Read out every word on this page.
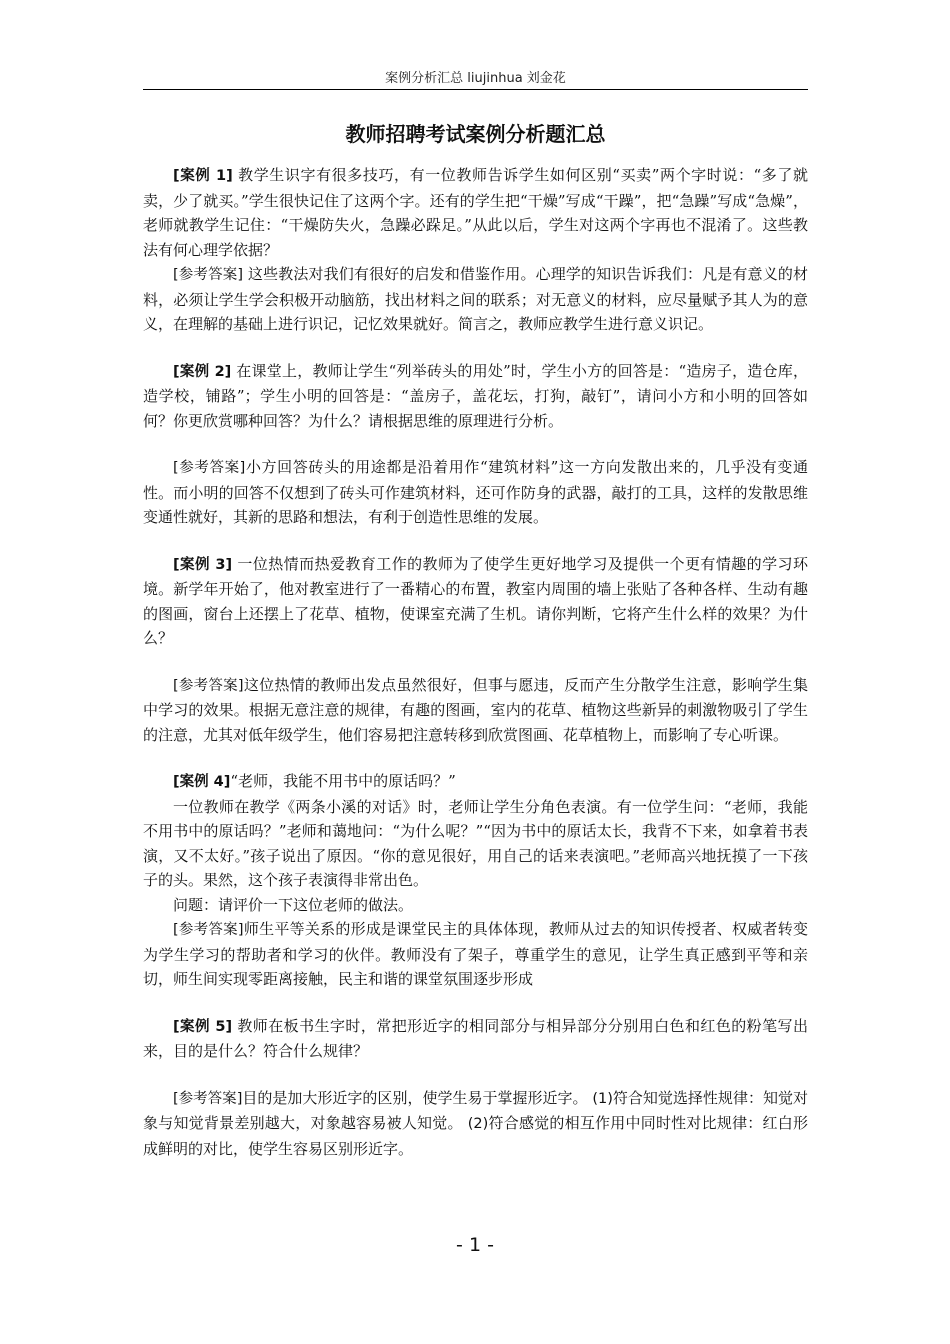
案例分析汇总 liujinhua 刘金花
教师招聘考试案例分析题汇总

[案例 1] 教学生识字有很多技巧，有一位教师告诉学生如何区别“买卖”两个字时说：“多了就卖，少了就买。”学生很快记住了这两个字。还有的学生把“干燥”写成“干躁”，把“急躁”写成“急燥”，老师就教学生记住：“干燥防失火，急躁必跺足。”从此以后，学生对这两个字再也不混淆了。这些教法有何心理学依据？

[参考答案] 这些教法对我们有很好的启发和借鉴作用。心理学的知识告诉我们：凡是有意义的材料，必须让学生学会积极开动脑筋，找出材料之间的联系；对无意义的材料，应尽量赋予其人为的意义，在理解的基础上进行识记，记忆效果就好。简言之，教师应教学生进行意义识记。

[案例 2] 在课堂上，教师让学生“列举砖头的用处”时，学生小方的回答是：“造房子，造仓库，造学校，铺路”；学生小明的回答是：“盖房子，盖花坛，打狗，敲钉”，请问小方和小明的回答如何？你更欣赏哪种回答？为什么？请根据思维的原理进行分析。

[参考答案]小方回答砖头的用途都是沿着用作“建筑材料”这一方向发散出来的，几乎没有变通性。而小明的回答不仅想到了砖头可作建筑材料，还可作防身的武器，敲打的工具，这样的发散思维变通性就好，其新的思路和想法，有利于创造性思维的发展。

[案例 3] 一位热情而热爱教育工作的教师为了使学生更好地学习及提供一个更有情趣的学习环境。新学年开始了，他对教室进行了一番精心的布置，教室内周围的墙上张贴了各种各样、生动有趣的图画，窗台上还摆上了花草、植物，使课室充满了生机。请你判断，它将产生什么样的效果？为什么？

[参考答案]这位热情的教师出发点虽然很好，但事与愿违，反而产生分散学生注意，影响学生集中学习的效果。根据无意注意的规律，有趣的图画，室内的花草、植物这些新异的刺激物吸引了学生的注意，尤其对低年级学生，他们容易把注意转移到欣赏图画、花草植物上，而影响了专心听课。

[案例 4]“老师，我能不用书中的原话吗？”

一位教师在教学《两条小溪的对话》时，老师让学生分角色表演。有一位学生问：“老师，我能不用书中的原话吗？”老师和蔼地问：“为什么呢？”“因为书中的原话太长，我背不下来，如拿着书表演，又不太好。”孩子说出了原因。“你的意见很好，用自己的话来表演吧。”老师高兴地抚摸了一下孩子的头。果然，这个孩子表演得非常出色。

问题：请评价一下这位老师的做法。

[参考答案]师生平等关系的形成是课堂民主的具体体现，教师从过去的知识传授者、权威者转变为学生学习的帮助者和学习的伙伴。教师没有了架子，尊重学生的意见，让学生真正感到平等和亲切，师生间实现零距离接触，民主和谐的课堂氛围逐步形成

[案例 5] 教师在板书生字时，常把形近字的相同部分与相异部分分别用白色和红色的粉笔写出来，目的是什么？符合什么规律？

[参考答案]目的是加大形近字的区别，使学生易于掌握形近字。 (1)符合知觉选择性规律：知觉对象与知觉背景差别越大，对象越容易被人知觉。 (2)符合感觉的相互作用中同时性对比规律：红白形成鲜明的对比，使学生容易区别形近字。

- 1 -
